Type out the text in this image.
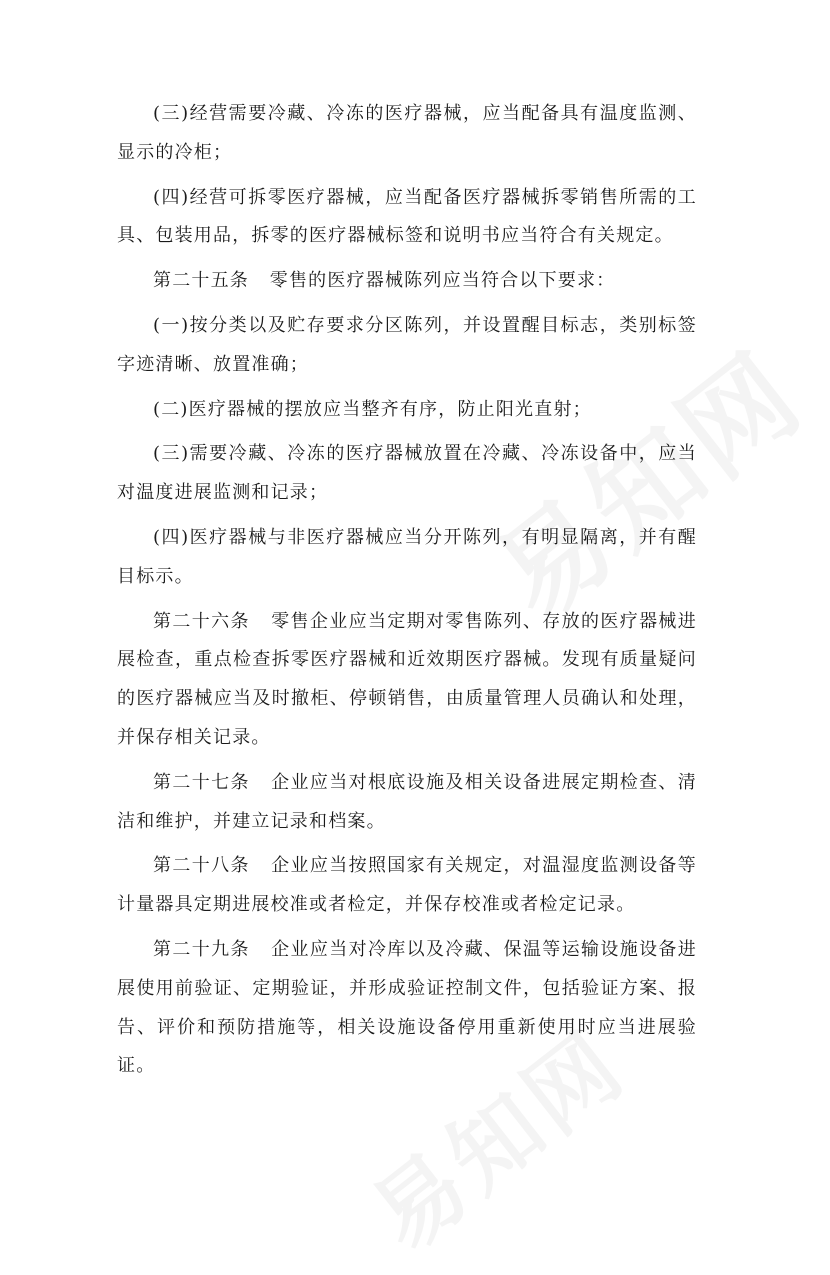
(三)经营需要冷藏、冷冻的医疗器械，应当配备具有温度监测、显示的冷柜；

(四)经营可拆零医疗器械，应当配备医疗器械拆零销售所需的工具、包装用品，拆零的医疗器械标签和说明书应当符合有关规定。

第二十五条 零售的医疗器械陈列应当符合以下要求：

(一)按分类以及贮存要求分区陈列，并设置醒目标志，类别标签字迹清晰、放置准确；

(二)医疗器械的摆放应当整齐有序，防止阳光直射；

(三)需要冷藏、冷冻的医疗器械放置在冷藏、冷冻设备中，应当对温度进展监测和记录；

(四)医疗器械与非医疗器械应当分开陈列，有明显隔离，并有醒目标示。

第二十六条 零售企业应当定期对零售陈列、存放的医疗器械进展检查，重点检查拆零医疗器械和近效期医疗器械。发现有质量疑问的医疗器械应当及时撤柜、停顿销售，由质量管理人员确认和处理，并保存相关记录。

第二十七条 企业应当对根底设施及相关设备进展定期检查、清洁和维护，并建立记录和档案。

第二十八条 企业应当按照国家有关规定，对温湿度监测设备等计量器具定期进展校准或者检定，并保存校准或者检定记录。

第二十九条 企业应当对冷库以及冷藏、保温等运输设施设备进展使用前验证、定期验证，并形成验证控制文件，包括验证方案、报告、评价和预防措施等，相关设施设备停用重新使用时应当进展验证。
